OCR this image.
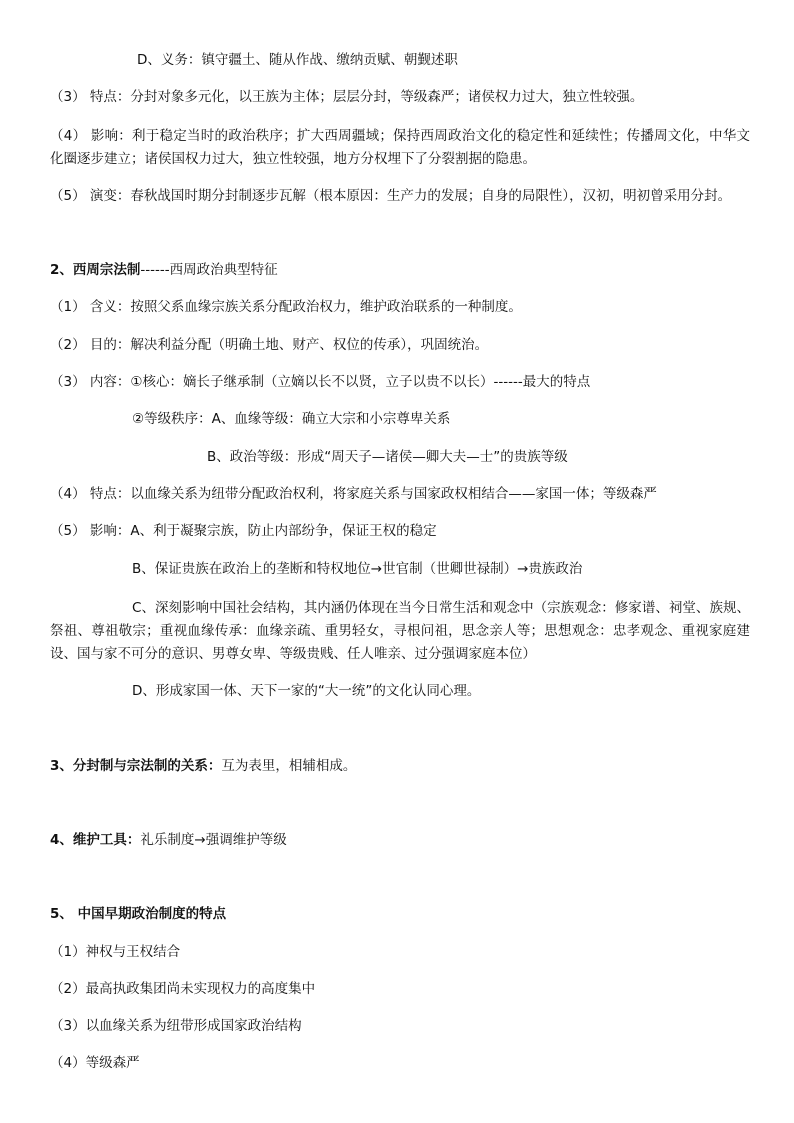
D、义务：镇守疆土、随从作战、缴纳贡赋、朝觐述职
（3） 特点：分封对象多元化，以王族为主体；层层分封，等级森严；诸侯权力过大，独立性较强。
（4） 影响：利于稳定当时的政治秩序；扩大西周疆域；保持西周政治文化的稳定性和延续性；传播周文化，中华文化圈逐步建立；诸侯国权力过大，独立性较强，地方分权埋下了分裂割据的隐患。
（5） 演变：春秋战国时期分封制逐步瓦解（根本原因：生产力的发展；自身的局限性），汉初，明初曾采用分封。
2、西周宗法制------西周政治典型特征
（1） 含义：按照父系血缘宗族关系分配政治权力，维护政治联系的一种制度。
（2） 目的：解决利益分配（明确土地、财产、权位的传承），巩固统治。
（3） 内容：①核心：嫡长子继承制（立嫡以长不以贤，立子以贵不以长）------最大的特点
②等级秩序：A、血缘等级：确立大宗和小宗尊卑关系
B、政治等级：形成“周天子—诸侯—卿大夫—士”的贵族等级
（4） 特点：以血缘关系为纽带分配政治权利，将家庭关系与国家政权相结合——家国一体；等级森严
（5） 影响：A、利于凝聚宗族，防止内部纷争，保证王权的稳定
B、保证贵族在政治上的垄断和特权地位→世官制（世卿世禄制）→贵族政治
C、深刻影响中国社会结构，其内涵仍体现在当今日常生活和观念中（宗族观念：修家谱、祠堂、族规、祭祖、尊祖敬宗；重视血缘传承：血缘亲疏、重男轻女，寻根问祖，思念亲人等；思想观念：忠孝观念、重视家庭建设、国与家不可分的意识、男尊女卑、等级贵贱、任人唯亲、过分强调家庭本位）
D、形成家国一体、天下一家的“大一统”的文化认同心理。
3、分封制与宗法制的关系：互为表里，相辅相成。
4、维护工具：礼乐制度→强调维护等级
5、 中国早期政治制度的特点
（1）神权与王权结合
（2）最高执政集团尚未实现权力的高度集中
（3）以血缘关系为纽带形成国家政治结构
（4）等级森严
